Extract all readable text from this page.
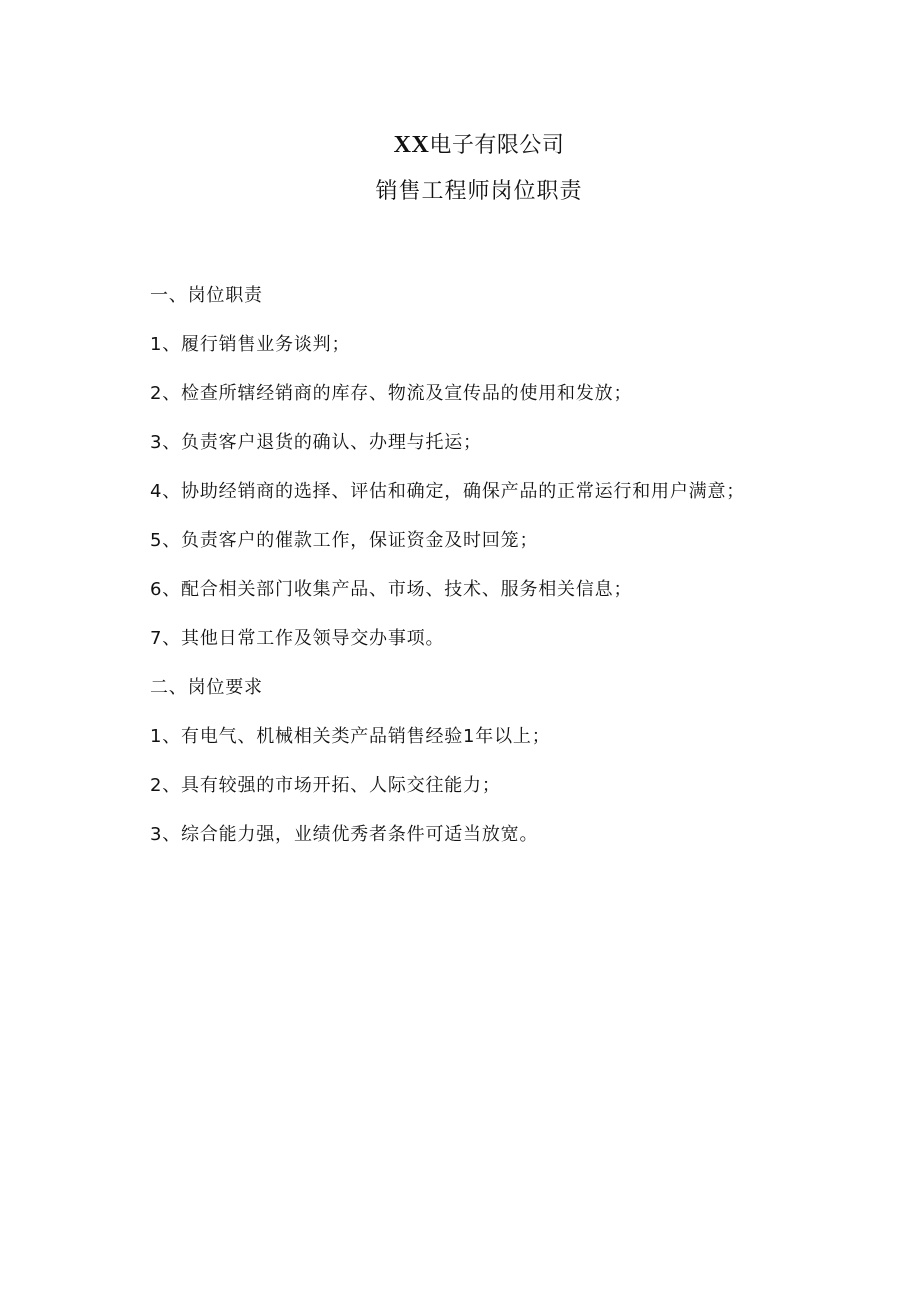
XX电子有限公司
销售工程师岗位职责
一、岗位职责
1、履行销售业务谈判；
2、检查所辖经销商的库存、物流及宣传品的使用和发放；
3、负责客户退货的确认、办理与托运；
4、协助经销商的选择、评估和确定，确保产品的正常运行和用户满意；
5、负责客户的催款工作，保证资金及时回笼；
6、配合相关部门收集产品、市场、技术、服务相关信息；
7、其他日常工作及领导交办事项。
二、岗位要求
1、有电气、机械相关类产品销售经验1年以上；
2、具有较强的市场开拓、人际交往能力；
3、综合能力强，业绩优秀者条件可适当放宽。
